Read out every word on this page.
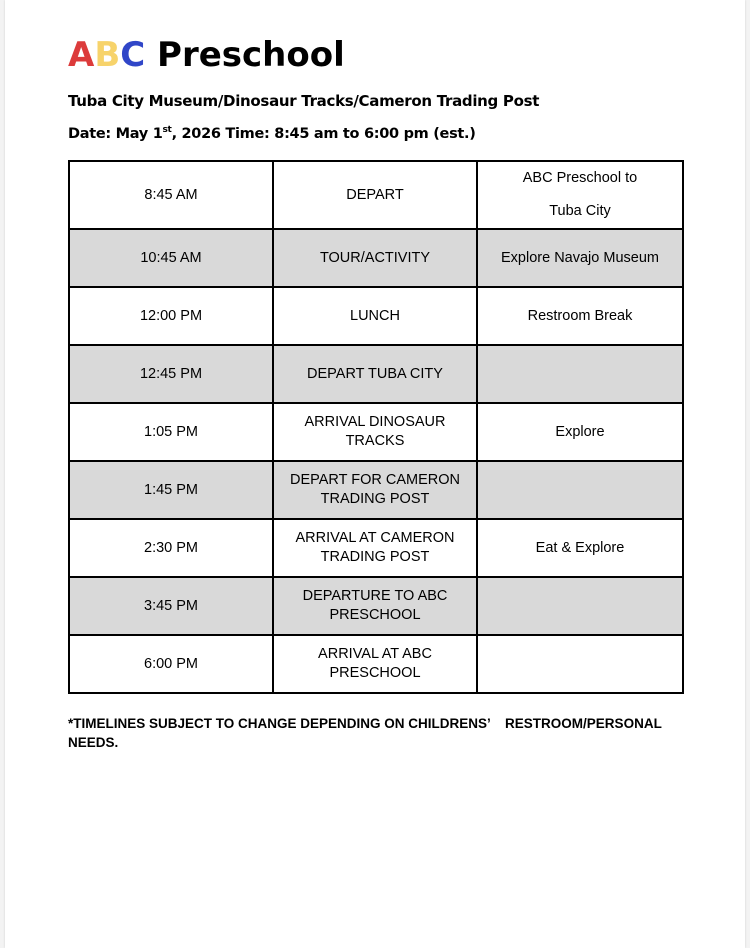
ABC Preschool
Tuba City Museum/Dinosaur Tracks/Cameron Trading Post
Date: May 1st, 2026 Time: 8:45 am to 6:00 pm (est.)
8:45 AM	DEPART	ABC Preschool to
Tuba City
10:45 AM	TOUR/ACTIVITY	Explore Navajo Museum
12:00 PM	LUNCH	Restroom Break
12:45 PM	DEPART TUBA CITY	
1:05 PM	ARRIVAL DINOSAUR TRACKS	Explore
1:45 PM	DEPART FOR CAMERON
TRADING POST	
2:30 PM	ARRIVAL AT CAMERON
TRADING POST	Eat & Explore
3:45 PM	DEPARTURE TO ABC
PRESCHOOL	
6:00 PM	ARRIVAL AT ABC
PRESCHOOL	
*TIMELINES SUBJECT TO CHANGE DEPENDING ON CHILDRENS’    RESTROOM/PERSONAL NEEDS.
